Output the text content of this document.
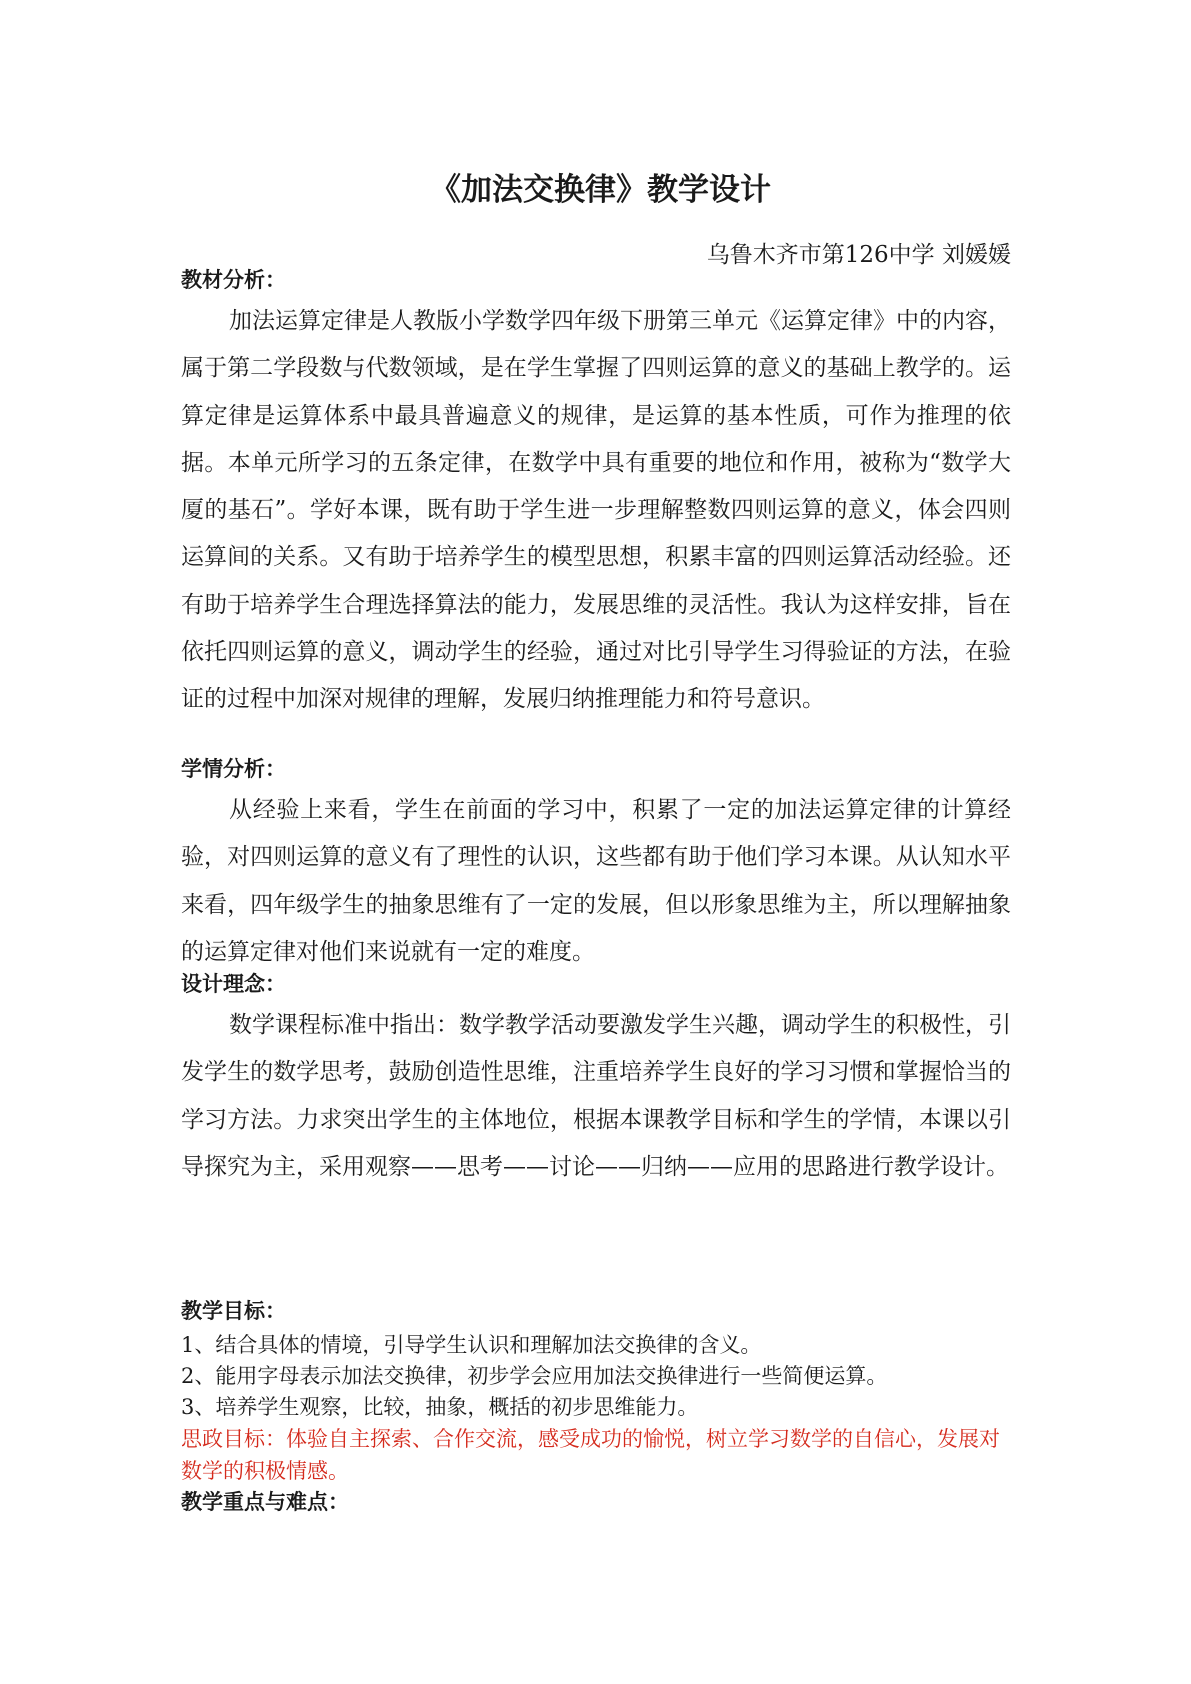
《加法交换律》教学设计

乌鲁木齐市第126中学 刘媛媛

教材分析：

加法运算定律是人教版小学数学四年级下册第三单元《运算定律》中的内容，属于第二学段数与代数领域，是在学生掌握了四则运算的意义的基础上教学的。运算定律是运算体系中最具普遍意义的规律，是运算的基本性质，可作为推理的依据。本单元所学习的五条定律，在数学中具有重要的地位和作用，被称为“数学大厦的基石”。学好本课，既有助于学生进一步理解整数四则运算的意义，体会四则运算间的关系。又有助于培养学生的模型思想，积累丰富的四则运算活动经验。还有助于培养学生合理选择算法的能力，发展思维的灵活性。我认为这样安排，旨在依托四则运算的意义，调动学生的经验，通过对比引导学生习得验证的方法，在验证的过程中加深对规律的理解，发展归纳推理能力和符号意识。

学情分析：

从经验上来看，学生在前面的学习中，积累了一定的加法运算定律的计算经验，对四则运算的意义有了理性的认识，这些都有助于他们学习本课。从认知水平来看，四年级学生的抽象思维有了一定的发展，但以形象思维为主，所以理解抽象的运算定律对他们来说就有一定的难度。

设计理念：

数学课程标准中指出：数学教学活动要激发学生兴趣，调动学生的积极性，引发学生的数学思考，鼓励创造性思维，注重培养学生良好的学习习惯和掌握恰当的学习方法。力求突出学生的主体地位，根据本课教学目标和学生的学情，本课以引导探究为主，采用观察——思考——讨论——归纳——应用的思路进行教学设计。

教学目标：
1、结合具体的情境，引导学生认识和理解加法交换律的含义。
2、能用字母表示加法交换律，初步学会应用加法交换律进行一些简便运算。
3、培养学生观察，比较，抽象，概括的初步思维能力。

思政目标：体验自主探索、合作交流，感受成功的愉悦，树立学习数学的自信心，发展对数学的积极情感。

教学重点与难点：
